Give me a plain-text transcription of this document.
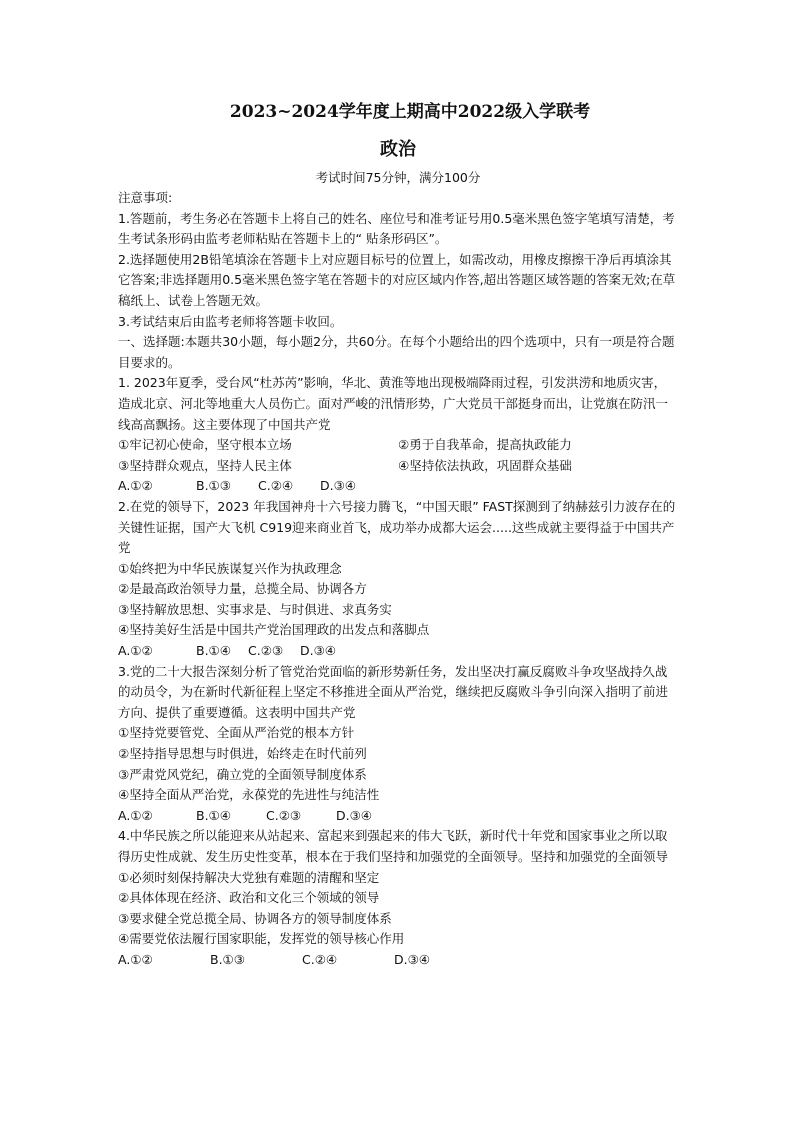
2023~2024学年度上期高中2022级入学联考
政治

考试时间75分钟，满分100分

注意事项:

1.答题前，考生务必在答题卡上将自己的姓名、座位号和准考证号用0.5毫米黑色签字笔填写清楚，考生考试条形码由监考老师粘贴在答题卡上的“ 贴条形码区”。

2.选择题使用2B铅笔填涂在答题卡上对应题目标号的位置上，如需改动，用橡皮擦擦干净后再填涂其它答案;非选择题用0.5毫米黑色签字笔在答题卡的对应区域内作答,超出答题区域答题的答案无效;在草稿纸上、试卷上答题无效。

3.考试结束后由监考老师将答题卡收回。

一、选择题:本题共30小题，每小题2分，共60分。在每个小题给出的四个选项中，只有一项是符合题目要求的。

1. 2023年夏季，受台风“杜苏芮”影响，华北、黄淮等地出现极端降雨过程，引发洪涝和地质灾害，造成北京、河北等地重大人员伤亡。面对严峻的汛情形势，广大党员干部挺身而出，让党旗在防汛一线高高飘扬。这主要体现了中国共产党

①牢记初心使命，坚守根本立场	②勇于自我革命，提高执政能力

③坚持群众观点，坚持人民主体	④坚持依法执政，巩固群众基础

A.①②	B.①③	C.②④	D.③④

2.在党的领导下，2023 年我国神舟十六号接力腾飞，“中国天眼” FAST探测到了纳赫兹引力波存在的关键性证据，国产大飞机 C919迎来商业首飞，成功举办成都大运会.....这些成就主要得益于中国共产党

①始终把为中华民族谋复兴作为执政理念

②是最高政治领导力量，总揽全局、协调各方

③坚持解放思想、实事求是、与时俱进、求真务实

④坚持美好生活是中国共产党治国理政的出发点和落脚点

A.①②	B.①④	C.②③	D.③④

3.党的二十大报告深刻分析了管党治党面临的新形势新任务，发出坚决打赢反腐败斗争攻坚战持久战的动员令，为在新时代新征程上坚定不移推进全面从严治党，继续把反腐败斗争引向深入指明了前进方向、提供了重要遵循。这表明中国共产党

①坚持党要管党、全面从严治党的根本方针

②坚持指导思想与时俱进，始终走在时代前列

③严肃党风党纪，确立党的全面领导制度体系

④坚持全面从严治党，永葆党的先进性与纯洁性

A.①②	B.①④	C.②③	D.③④

4.中华民族之所以能迎来从站起来、富起来到强起来的伟大飞跃，新时代十年党和国家事业之所以取得历史性成就、发生历史性变革，根本在于我们坚持和加强党的全面领导。坚持和加强党的全面领导

①必须时刻保持解决大党独有难题的清醒和坚定

②具体体现在经济、政治和文化三个领域的领导

③要求健全党总揽全局、协调各方的领导制度体系

④需要党依法履行国家职能，发挥党的领导核心作用

A.①②	B.①③	C.②④	D.③④
